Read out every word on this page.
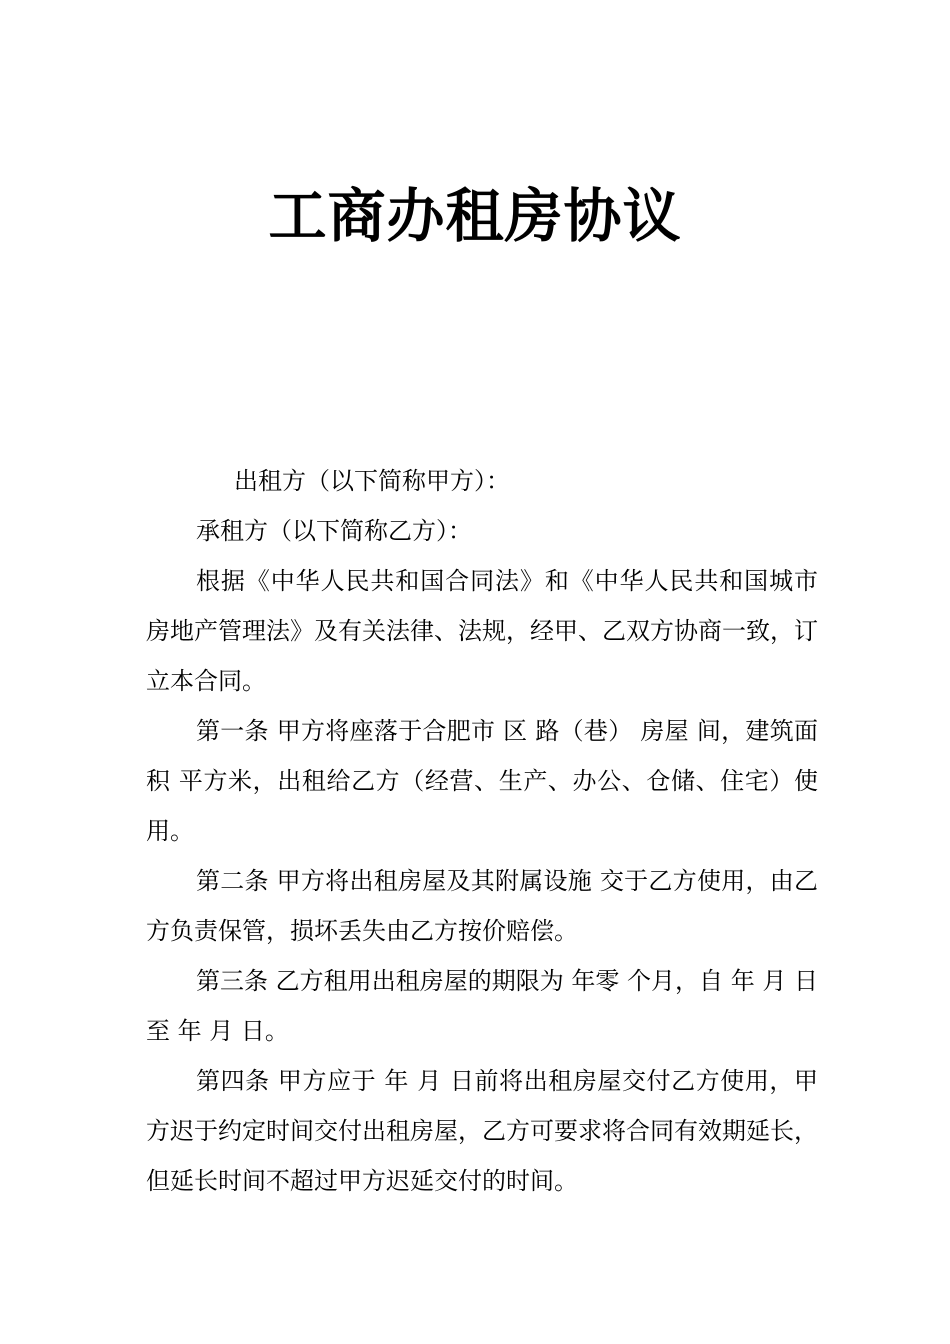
工商办租房协议

出租方（以下简称甲方）：

承租方（以下简称乙方）：

根据《中华人民共和国合同法》和《中华人民共和国城市房地产管理法》及有关法律、法规，经甲、乙双方协商一致，订立本合同。

第一条 甲方将座落于合肥市 区 路（巷） 房屋 间，建筑面积 平方米，出租给乙方（经营、生产、办公、仓储、住宅）使用。

第二条 甲方将出租房屋及其附属设施 交于乙方使用，由乙方负责保管，损坏丢失由乙方按价赔偿。

第三条 乙方租用出租房屋的期限为 年零 个月，自 年 月 日至 年 月 日。

第四条 甲方应于 年 月 日前将出租房屋交付乙方使用，甲方迟于约定时间交付出租房屋，乙方可要求将合同有效期延长，但延长时间不超过甲方迟延交付的时间。
